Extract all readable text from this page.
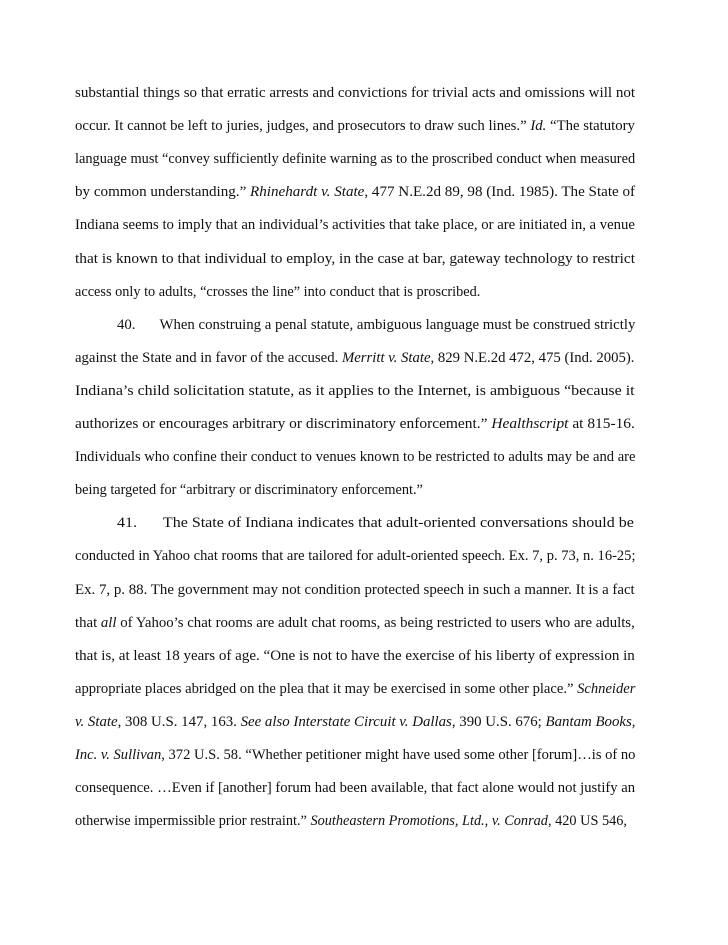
substantial things so that erratic arrests and convictions for trivial acts and omissions will not
occur. It cannot be left to juries, judges, and prosecutors to draw such lines.” Id. “The statutory
language must “convey sufficiently definite warning as to the proscribed conduct when measured
by common understanding.” Rhinehardt v. State, 477 N.E.2d 89, 98 (Ind. 1985). The State of
Indiana seems to imply that an individual’s activities that take place, or are initiated in, a venue
that is known to that individual to employ, in the case at bar, gateway technology to restrict
access only to adults, “crosses the line” into conduct that is proscribed.
40. When construing a penal statute, ambiguous language must be construed strictly
against the State and in favor of the accused. Merritt v. State, 829 N.E.2d 472, 475 (Ind. 2005).
Indiana’s child solicitation statute, as it applies to the Internet, is ambiguous “because it
authorizes or encourages arbitrary or discriminatory enforcement.” Healthscript at 815-16.
Individuals who confine their conduct to venues known to be restricted to adults may be and are
being targeted for “arbitrary or discriminatory enforcement.”
41. The State of Indiana indicates that adult-oriented conversations should be
conducted in Yahoo chat rooms that are tailored for adult-oriented speech. Ex. 7, p. 73, n. 16-25;
Ex. 7, p. 88. The government may not condition protected speech in such a manner. It is a fact
that all of Yahoo’s chat rooms are adult chat rooms, as being restricted to users who are adults,
that is, at least 18 years of age. “One is not to have the exercise of his liberty of expression in
appropriate places abridged on the plea that it may be exercised in some other place.” Schneider
v. State, 308 U.S. 147, 163. See also Interstate Circuit v. Dallas, 390 U.S. 676; Bantam Books,
Inc. v. Sullivan, 372 U.S. 58. “Whether petitioner might have used some other [forum]…is of no
consequence. …Even if [another] forum had been available, that fact alone would not justify an
otherwise impermissible prior restraint.” Southeastern Promotions, Ltd., v. Conrad, 420 US 546,
